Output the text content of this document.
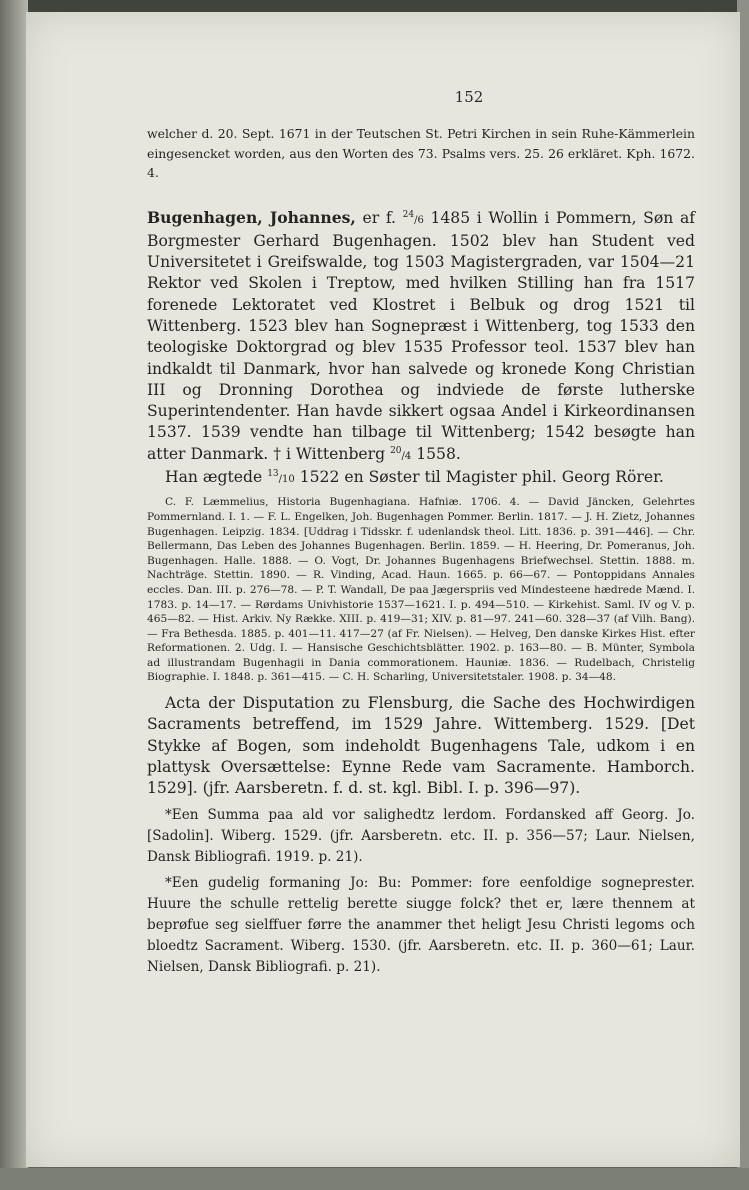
152

welcher d. 20. Sept. 1671 in der Teutschen St. Petri Kirchen in sein Ruhe-Kämmerlein eingesencket worden, aus den Worten des 73. Psalms vers. 25. 26 erkläret. Kph. 1672. 4.

Bugenhagen, Johannes, er f. $^{24}$/6 1485 i Wollin i Pommern, Søn af Borgmester Gerhard Bugenhagen. 1502 blev han Student ved Universitetet i Greifswalde, tog 1503 Magistergraden, var 1504—21 Rektor ved Skolen i Treptow, med hvilken Stilling han fra 1517 forenede Lektoratet ved Klostret i Belbuk og drog 1521 til Wittenberg. 1523 blev han Sognepræst i Wittenberg, tog 1533 den teologiske Doktorgrad og blev 1535 Professor teol. 1537 blev han indkaldt til Danmark, hvor han salvede og kronede Kong Christian III og Dronning Dorothea og indviede de første lutherske Superintendenter. Han havde sikkert ogsaa Andel i Kirkeordinansen 1537. 1539 vendte han tilbage til Wittenberg; 1542 besøgte han atter Danmark. † i Wittenberg $^{20}$/4 1558.

Han ægtede $^{13}$/10 1522 en Søster til Magister phil. Georg Rörer.

C. F. Læmmelius, Historia Bugenhagiana. Hafniæ. 1706. 4. — David Jäncken, Gelehrtes Pommernland. I. 1. — F. L. Engelken, Joh. Bugenhagen Pommer. Berlin. 1817. — J. H. Zietz, Johannes Bugenhagen. Leipzig. 1834. [Uddrag i Tidsskr. f. udenlandsk theol. Litt. 1836. p. 391—446]. — Chr. Bellermann, Das Leben des Johannes Bugenhagen. Berlin. 1859. — H. Heering, Dr. Pomeranus, Joh. Bugenhagen. Halle. 1888. — O. Vogt, Dr. Johannes Bugenhagens Briefwechsel. Stettin. 1888. m. Nachträge. Stettin. 1890. — R. Vinding, Acad. Haun. 1665. p. 66—67. — Pontoppidans Annales eccles. Dan. III. p. 276—78. — P. T. Wandall, De paa Jægerspriis ved Mindesteene hædrede Mænd. I. 1783. p. 14—17. — Rørdams Univhistorie 1537—1621. I. p. 494—510. — Kirkehist. Saml. IV og V. p. 465—82. — Hist. Arkiv. Ny Række. XIII. p. 419—31; XIV. p. 81—97. 241—60. 328—37 (af Vilh. Bang). — Fra Bethesda. 1885. p. 401—11. 417—27 (af Fr. Nielsen). — Helveg, Den danske Kirkes Hist. efter Reformationen. 2. Udg. I. — Hansische Geschichtsblätter. 1902. p. 163—80. — B. Münter, Symbola ad illustrandam Bugenhagii in Dania commorationem. Hauniæ. 1836. — Rudelbach, Christelig Biographie. I. 1848. p. 361—415. — C. H. Scharling, Universitetstaler. 1908. p. 34—48.

Acta der Disputation zu Flensburg, die Sache des Hochwirdigen Sacraments betreffend, im 1529 Jahre. Wittemberg. 1529. [Det Stykke af Bogen, som indeholdt Bugenhagens Tale, udkom i en plattysk Oversættelse: Eynne Rede vam Sacramente. Hamborch. 1529]. (jfr. Aarsberetn. f. d. st. kgl. Bibl. I. p. 396—97).

*Een Summa paa ald vor salighedtz lerdom. Fordansked aff Georg. Jo. [Sadolin]. Wiberg. 1529. (jfr. Aarsberetn. etc. II. p. 356—57; Laur. Nielsen, Dansk Bibliografi. 1919. p. 21).

*Een gudelig formaning Jo: Bu: Pommer: fore eenfoldige sogneprester. Huure the schulle rettelig berette siugge folck? thet er, lære thennem at beprøfue seg sielffuer førre the anammer thet heligt Jesu Christi legoms och bloedtz Sacrament. Wiberg. 1530. (jfr. Aarsberetn. etc. II. p. 360—61; Laur. Nielsen, Dansk Bibliografi. p. 21).
